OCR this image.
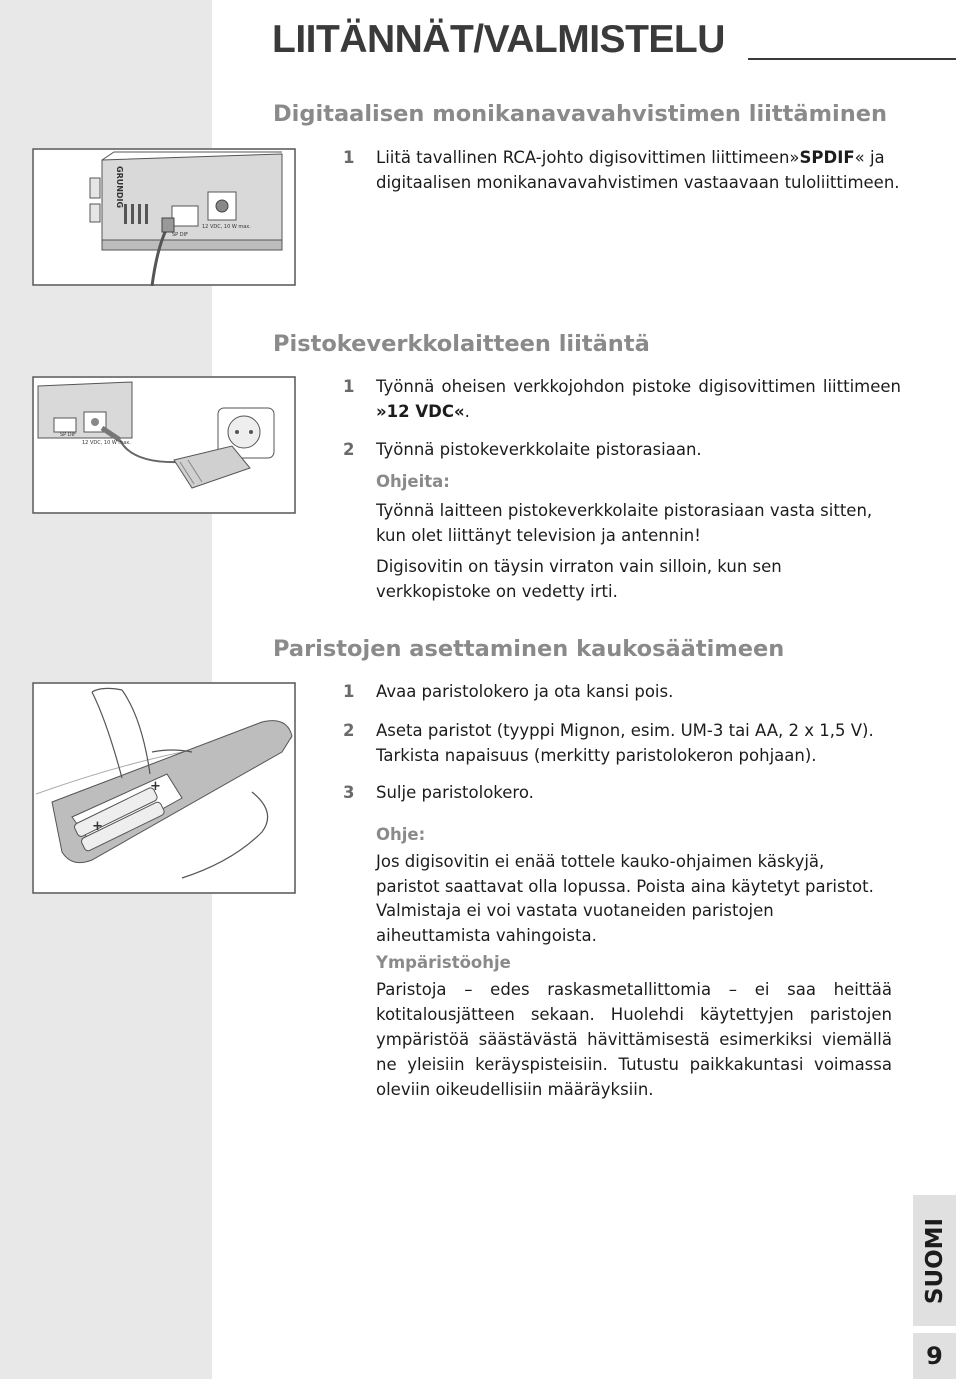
LIITÄNNÄT/VALMISTELU
Digitaalisen monikanavavahvistimen liittäminen
GRUNDIG
SP DIF
12 VDC, 10 W max.
1 Liitä tavallinen RCA-johto digisovittimen liittimeen»SPDIF« ja digitaalisen monikanavavahvistimen vastaavaan tuloliittimeen.
Pistokeverkkolaitteen liitäntä
SP DIF
12 VDC, 10 W max.
1 Työnnä oheisen verkkojohdon pistoke digisovittimen liittimeen »12 VDC«.
2 Työnnä pistokeverkkolaite pistorasiaan.
Ohjeita:
Työnnä laitteen pistokeverkkolaite pistorasiaan vasta sitten, kun olet liittänyt television ja antennin!
Digisovitin on täysin virraton vain silloin, kun sen verkkopistoke on vedetty irti.
Paristojen asettaminen kaukosäätimeen
+
+
1 Avaa paristolokero ja ota kansi pois.
2 Aseta paristot (tyyppi Mignon, esim. UM-3 tai AA, 2 x 1,5 V). Tarkista napaisuus (merkitty paristolokeron pohjaan).
3 Sulje paristolokero.
Ohje:
Jos digisovitin ei enää tottele kauko-ohjaimen käskyjä, paristot saattavat olla lopussa. Poista aina käytetyt paristot.
Valmistaja ei voi vastata vuotaneiden paristojen aiheuttamista vahingoista.
Ympäristöohje
Paristoja – edes raskasmetallittomia – ei saa heittää kotitalousjätteen sekaan. Huolehdi käytettyjen paristojen ympäristöä säästävästä hävittämisestä esimerkiksi viemällä ne yleisiin keräyspisteisiin. Tutustu paikkakuntasi voimassa oleviin oikeudellisiin määräyksiin.
SUOMI
9
